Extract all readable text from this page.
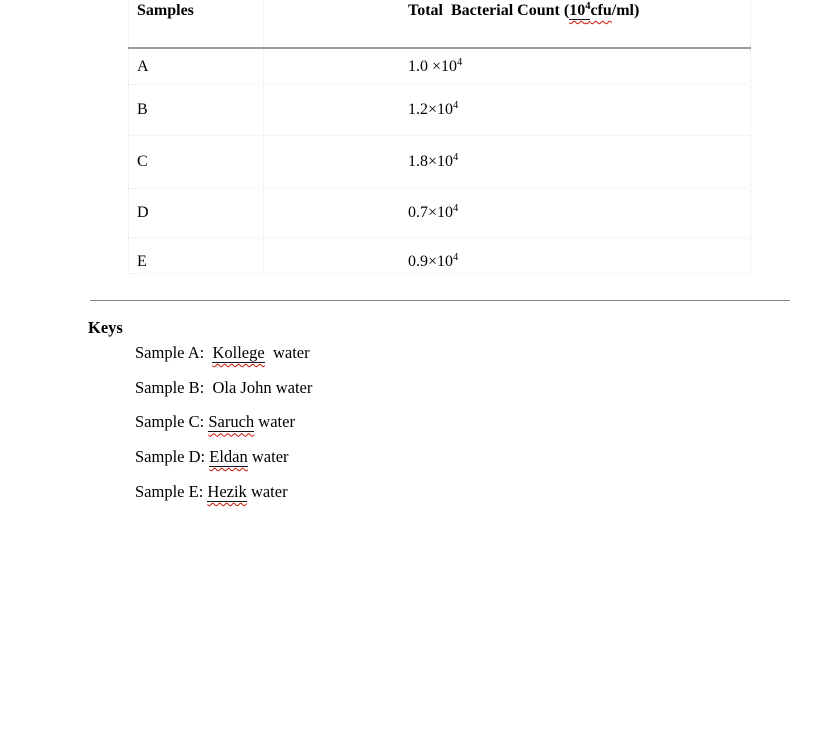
Samples	Total  Bacterial Count $(10^4cfu/ml)$
A	$1.0 \times 10^4$
B	$1.2\times 10^4$
C	$1.8\times 10^4$
D	$0.7\times 10^4$
E	$0.9\times 10^4$
Keys
Sample A:  Kollege  water
Sample B:  Ola John water
Sample C: Saruch water
Sample D: Eldan water
Sample E: Hezik water
